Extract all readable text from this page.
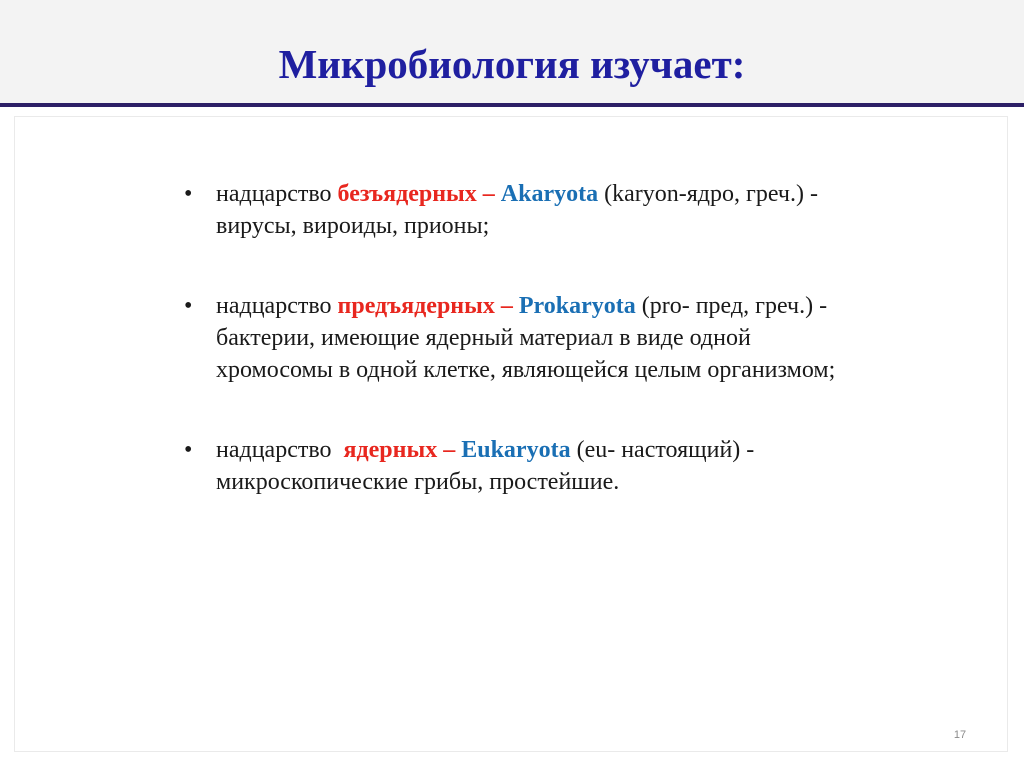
Микробиология изучает:
• надцарство безъядерных – Akaryota (karyon-ядро, греч.) - вирусы, вироиды, прионы;
• надцарство предъядерных – Prokaryota (pro- пред, греч.) - бактерии, имеющие ядерный материал в виде одной хромосомы в одной клетке, являющейся целым организмом;
• надцарство  ядерных – Eukaryota (eu- настоящий) -  микроскопические грибы, простейшие.
17
